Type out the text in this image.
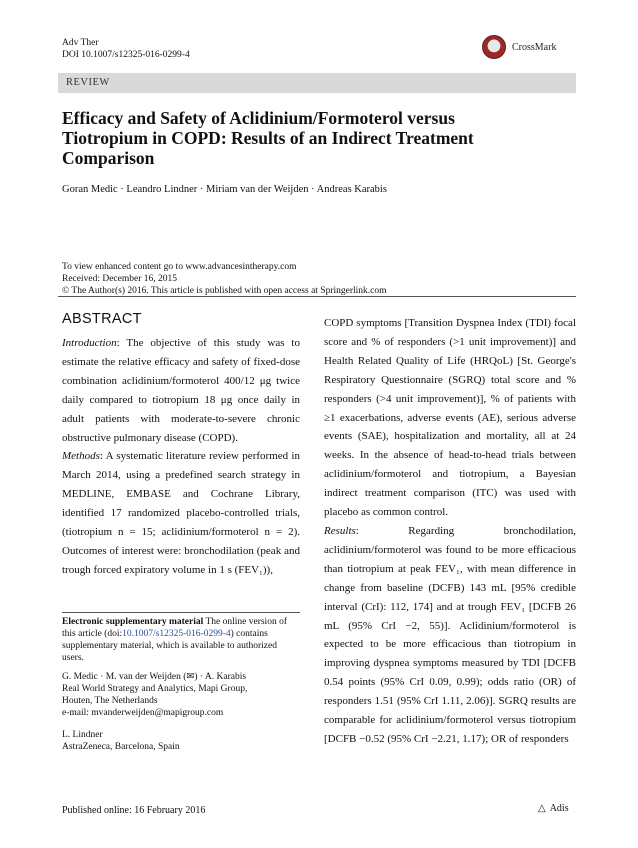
Adv Ther
DOI 10.1007/s12325-016-0299-4
CrossMark
REVIEW
Efficacy and Safety of Aclidinium/Formoterol versus Tiotropium in COPD: Results of an Indirect Treatment Comparison
Goran Medic · Leandro Lindner · Miriam van der Weijden · Andreas Karabis
To view enhanced content go to www.advancesintherapy.com
Received: December 16, 2015
© The Author(s) 2016. This article is published with open access at Springerlink.com
ABSTRACT
Introduction: The objective of this study was to estimate the relative efficacy and safety of fixed-dose combination aclidinium/formoterol 400/12 μg twice daily compared to tiotropium 18 μg once daily in adult patients with moderate-to-severe chronic obstructive pulmonary disease (COPD).
Methods: A systematic literature review performed in March 2014, using a predefined search strategy in MEDLINE, EMBASE and Cochrane Library, identified 17 randomized placebo-controlled trials, (tiotropium n = 15; aclidinium/formoterol n = 2). Outcomes of interest were: bronchodilation (peak and trough forced expiratory volume in 1 s (FEV₁)),
COPD symptoms [Transition Dyspnea Index (TDI) focal score and % of responders (>1 unit improvement)] and Health Related Quality of Life (HRQoL) [St. George's Respiratory Questionnaire (SGRQ) total score and % responders (>4 unit improvement)], % of patients with ≥1 exacerbations, adverse events (AE), serious adverse events (SAE), hospitalization and mortality, all at 24 weeks. In the absence of head-to-head trials between aclidinium/formoterol and tiotropium, a Bayesian indirect treatment comparison (ITC) was used with placebo as common control.
Results: Regarding bronchodilation, aclidinium/formoterol was found to be more efficacious than tiotropium at peak FEV₁, with mean difference in change from baseline (DCFB) 143 mL [95% credible interval (CrI): 112, 174] and at trough FEV₁ [DCFB 26 mL (95% CrI −2, 55)]. Aclidinium/formoterol is expected to be more efficacious than tiotropium in improving dyspnea symptoms measured by TDI [DCFB 0.54 points (95% CrI 0.09, 0.99); odds ratio (OR) of responders 1.51 (95% CrI 1.11, 2.06)]. SGRQ results are comparable for aclidinium/formoterol versus tiotropium [DCFB −0.52 (95% CrI −2.21, 1.17); OR of responders
Electronic supplementary material The online version of this article (doi:10.1007/s12325-016-0299-4) contains supplementary material, which is available to authorized users.
G. Medic · M. van der Weijden (✉) · A. Karabis
Real World Strategy and Analytics, Mapi Group,
Houten, The Netherlands
e-mail: mvanderweijden@mapigroup.com
L. Lindner
AstraZeneca, Barcelona, Spain
Published online: 16 February 2016	△ Adis
